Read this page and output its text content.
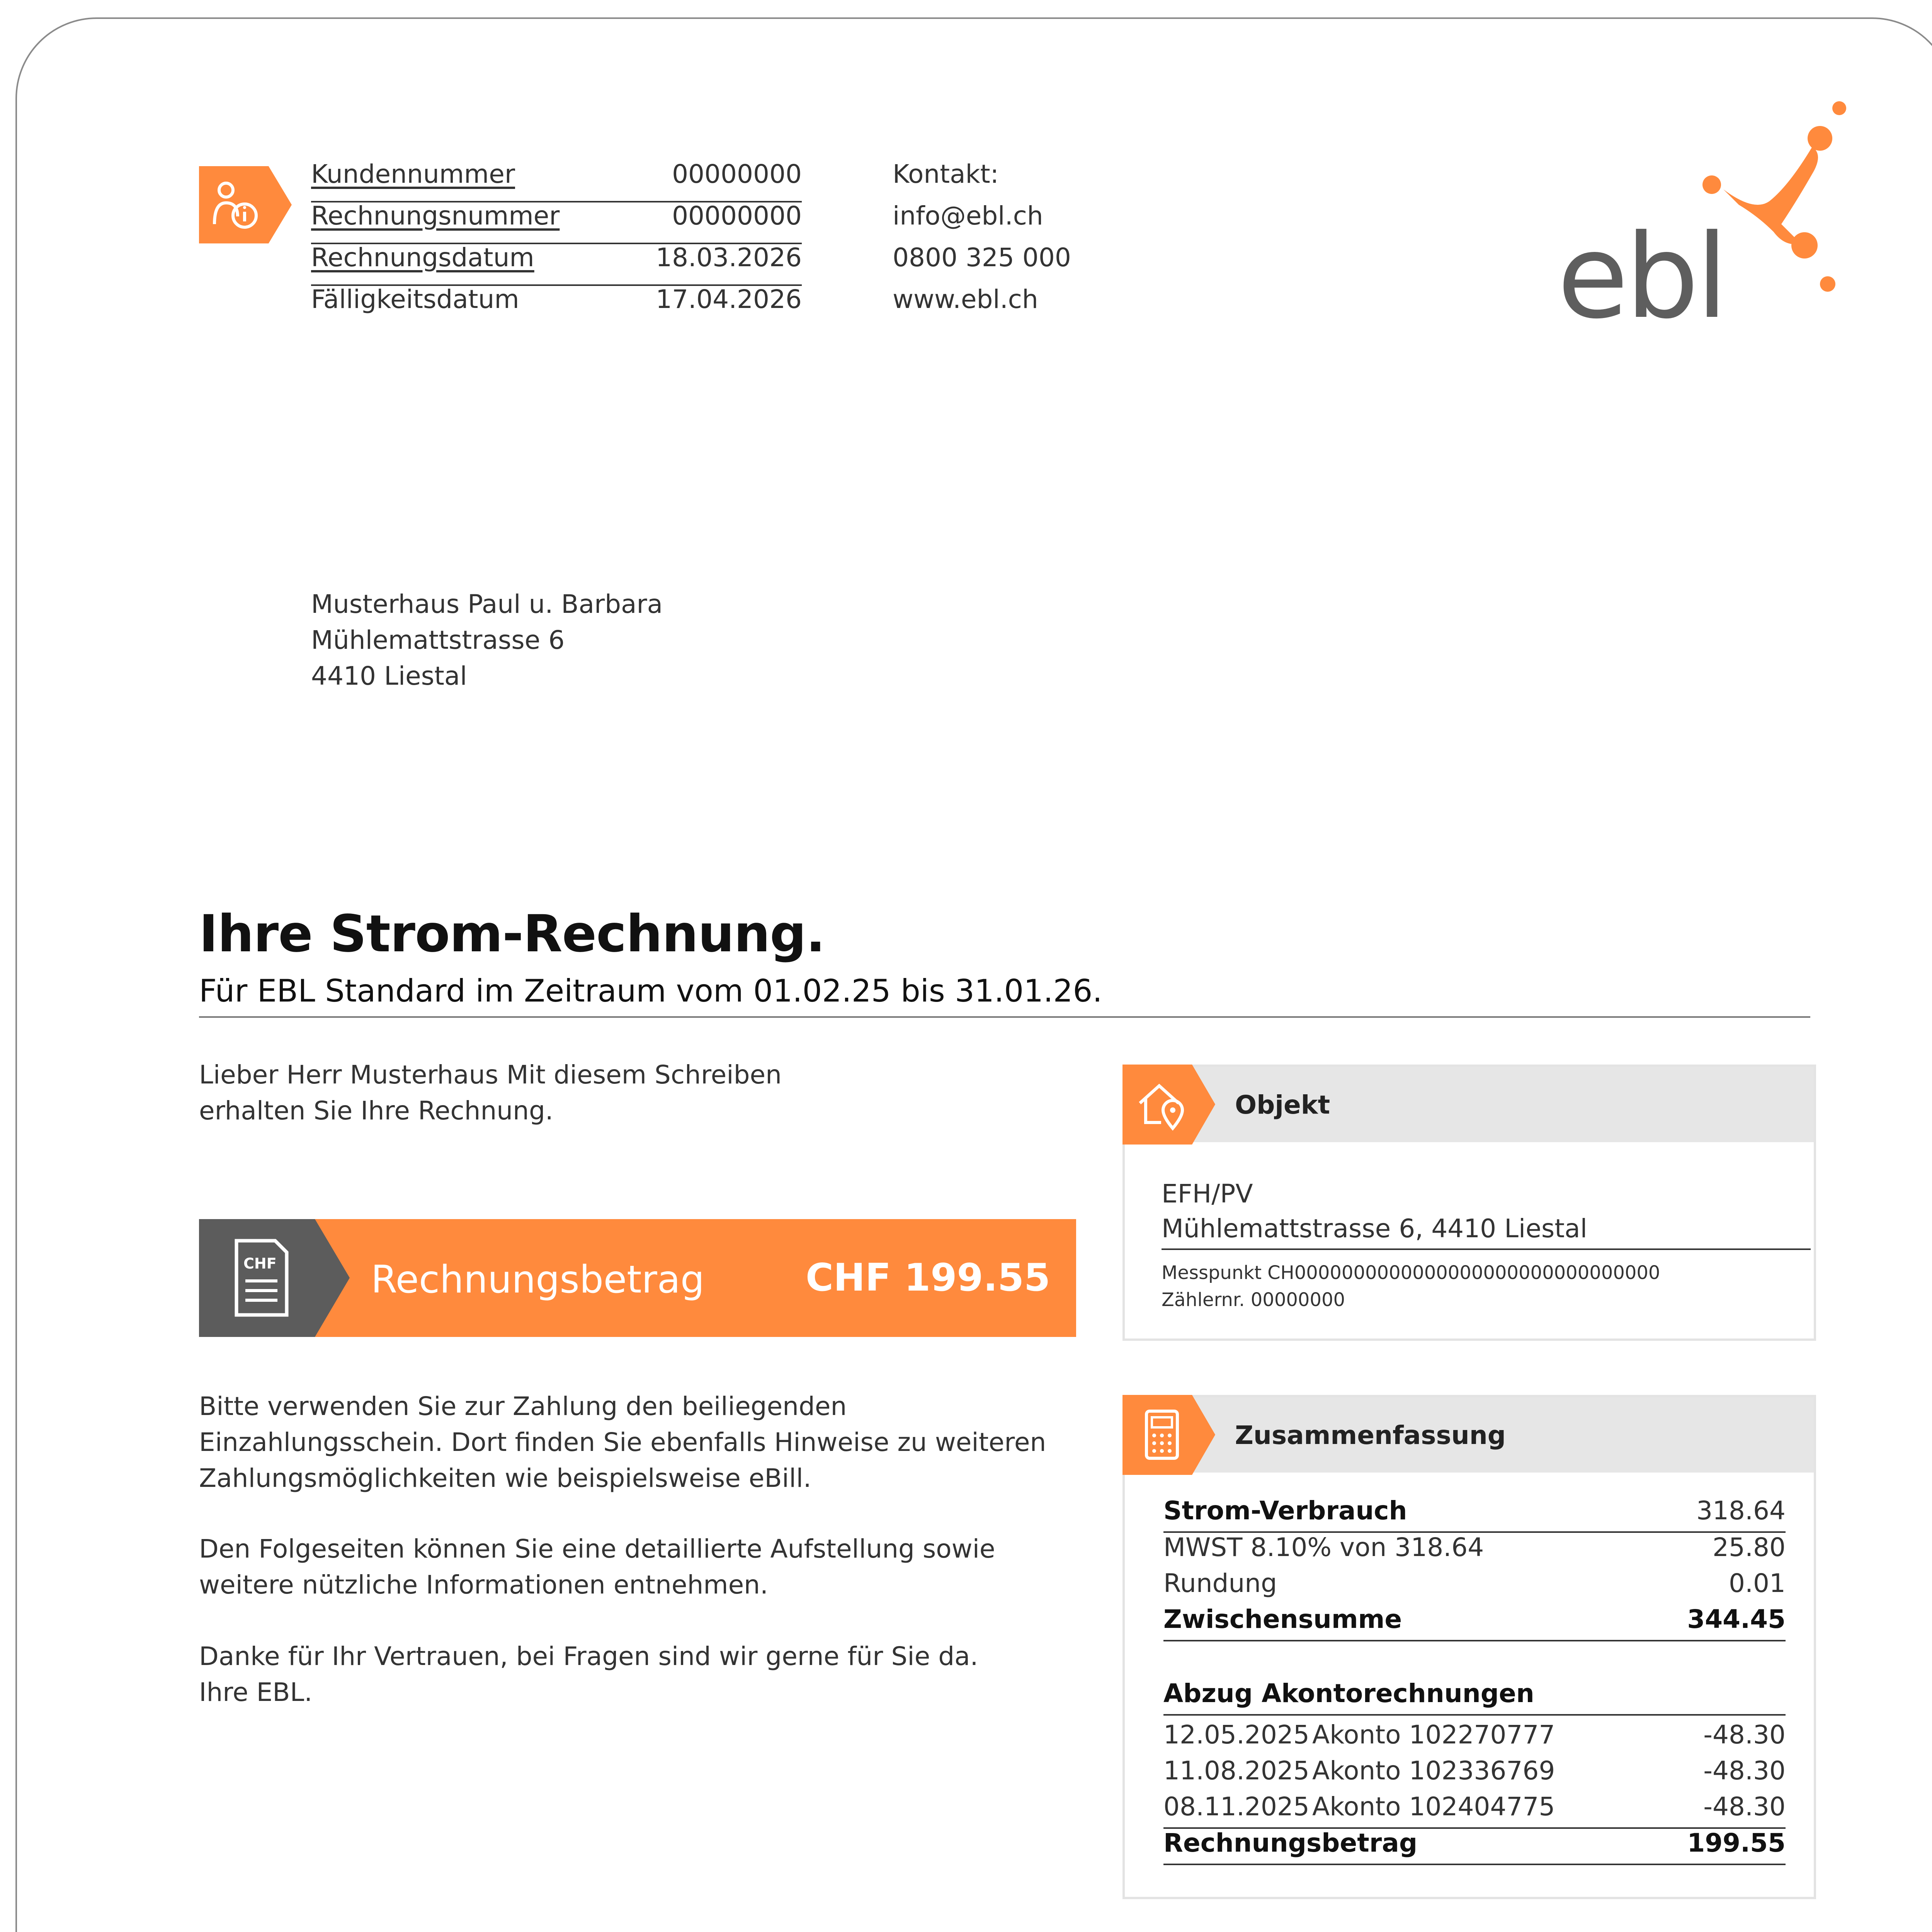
Kundennummer	00000000
Rechnungsnummer	00000000
Rechnungsdatum	18.03.2026
Fälligkeitsdatum	17.04.2026
Kontakt:
info@ebl.ch
0800 325 000
www.ebl.ch	ebl
Musterhaus Paul u. Barbara
Mühlemattstrasse 6
4410 Liestal
Ihre Strom-Rechnung.
Für EBL Standard im Zeitraum vom 01.02.25 bis 31.01.26.
Lieber Herr Musterhaus Mit diesem Schreiben
erhalten Sie Ihre Rechnung.
CHF Rechnungsbetrag	CHF 199.55
Bitte verwenden Sie zur Zahlung den beiliegenden
Einzahlungsschein. Dort finden Sie ebenfalls Hinweise zu weiteren
Zahlungsmöglichkeiten wie beispielsweise eBill.
Den Folgeseiten können Sie eine detaillierte Aufstellung sowie
weitere nützliche Informationen entnehmen.
Danke für Ihr Vertrauen, bei Fragen sind wir gerne für Sie da.
Ihre EBL.
Objekt
EFH/PV
Mühlemattstrasse 6, 4410 Liestal
Messpunkt CH0000000000000000000000000000000
Zählernr. 00000000
Zusammenfassung
Strom-Verbrauch	318.64
MWST 8.10% von 318.64	25.80
Rundung	0.01
Zwischensumme	344.45
Abzug Akontorechnungen
12.05.2025 Akonto 102270777	-48.30
11.08.2025 Akonto 102336769	-48.30
08.11.2025 Akonto 102404775	-48.30
Rechnungsbetrag	199.55
